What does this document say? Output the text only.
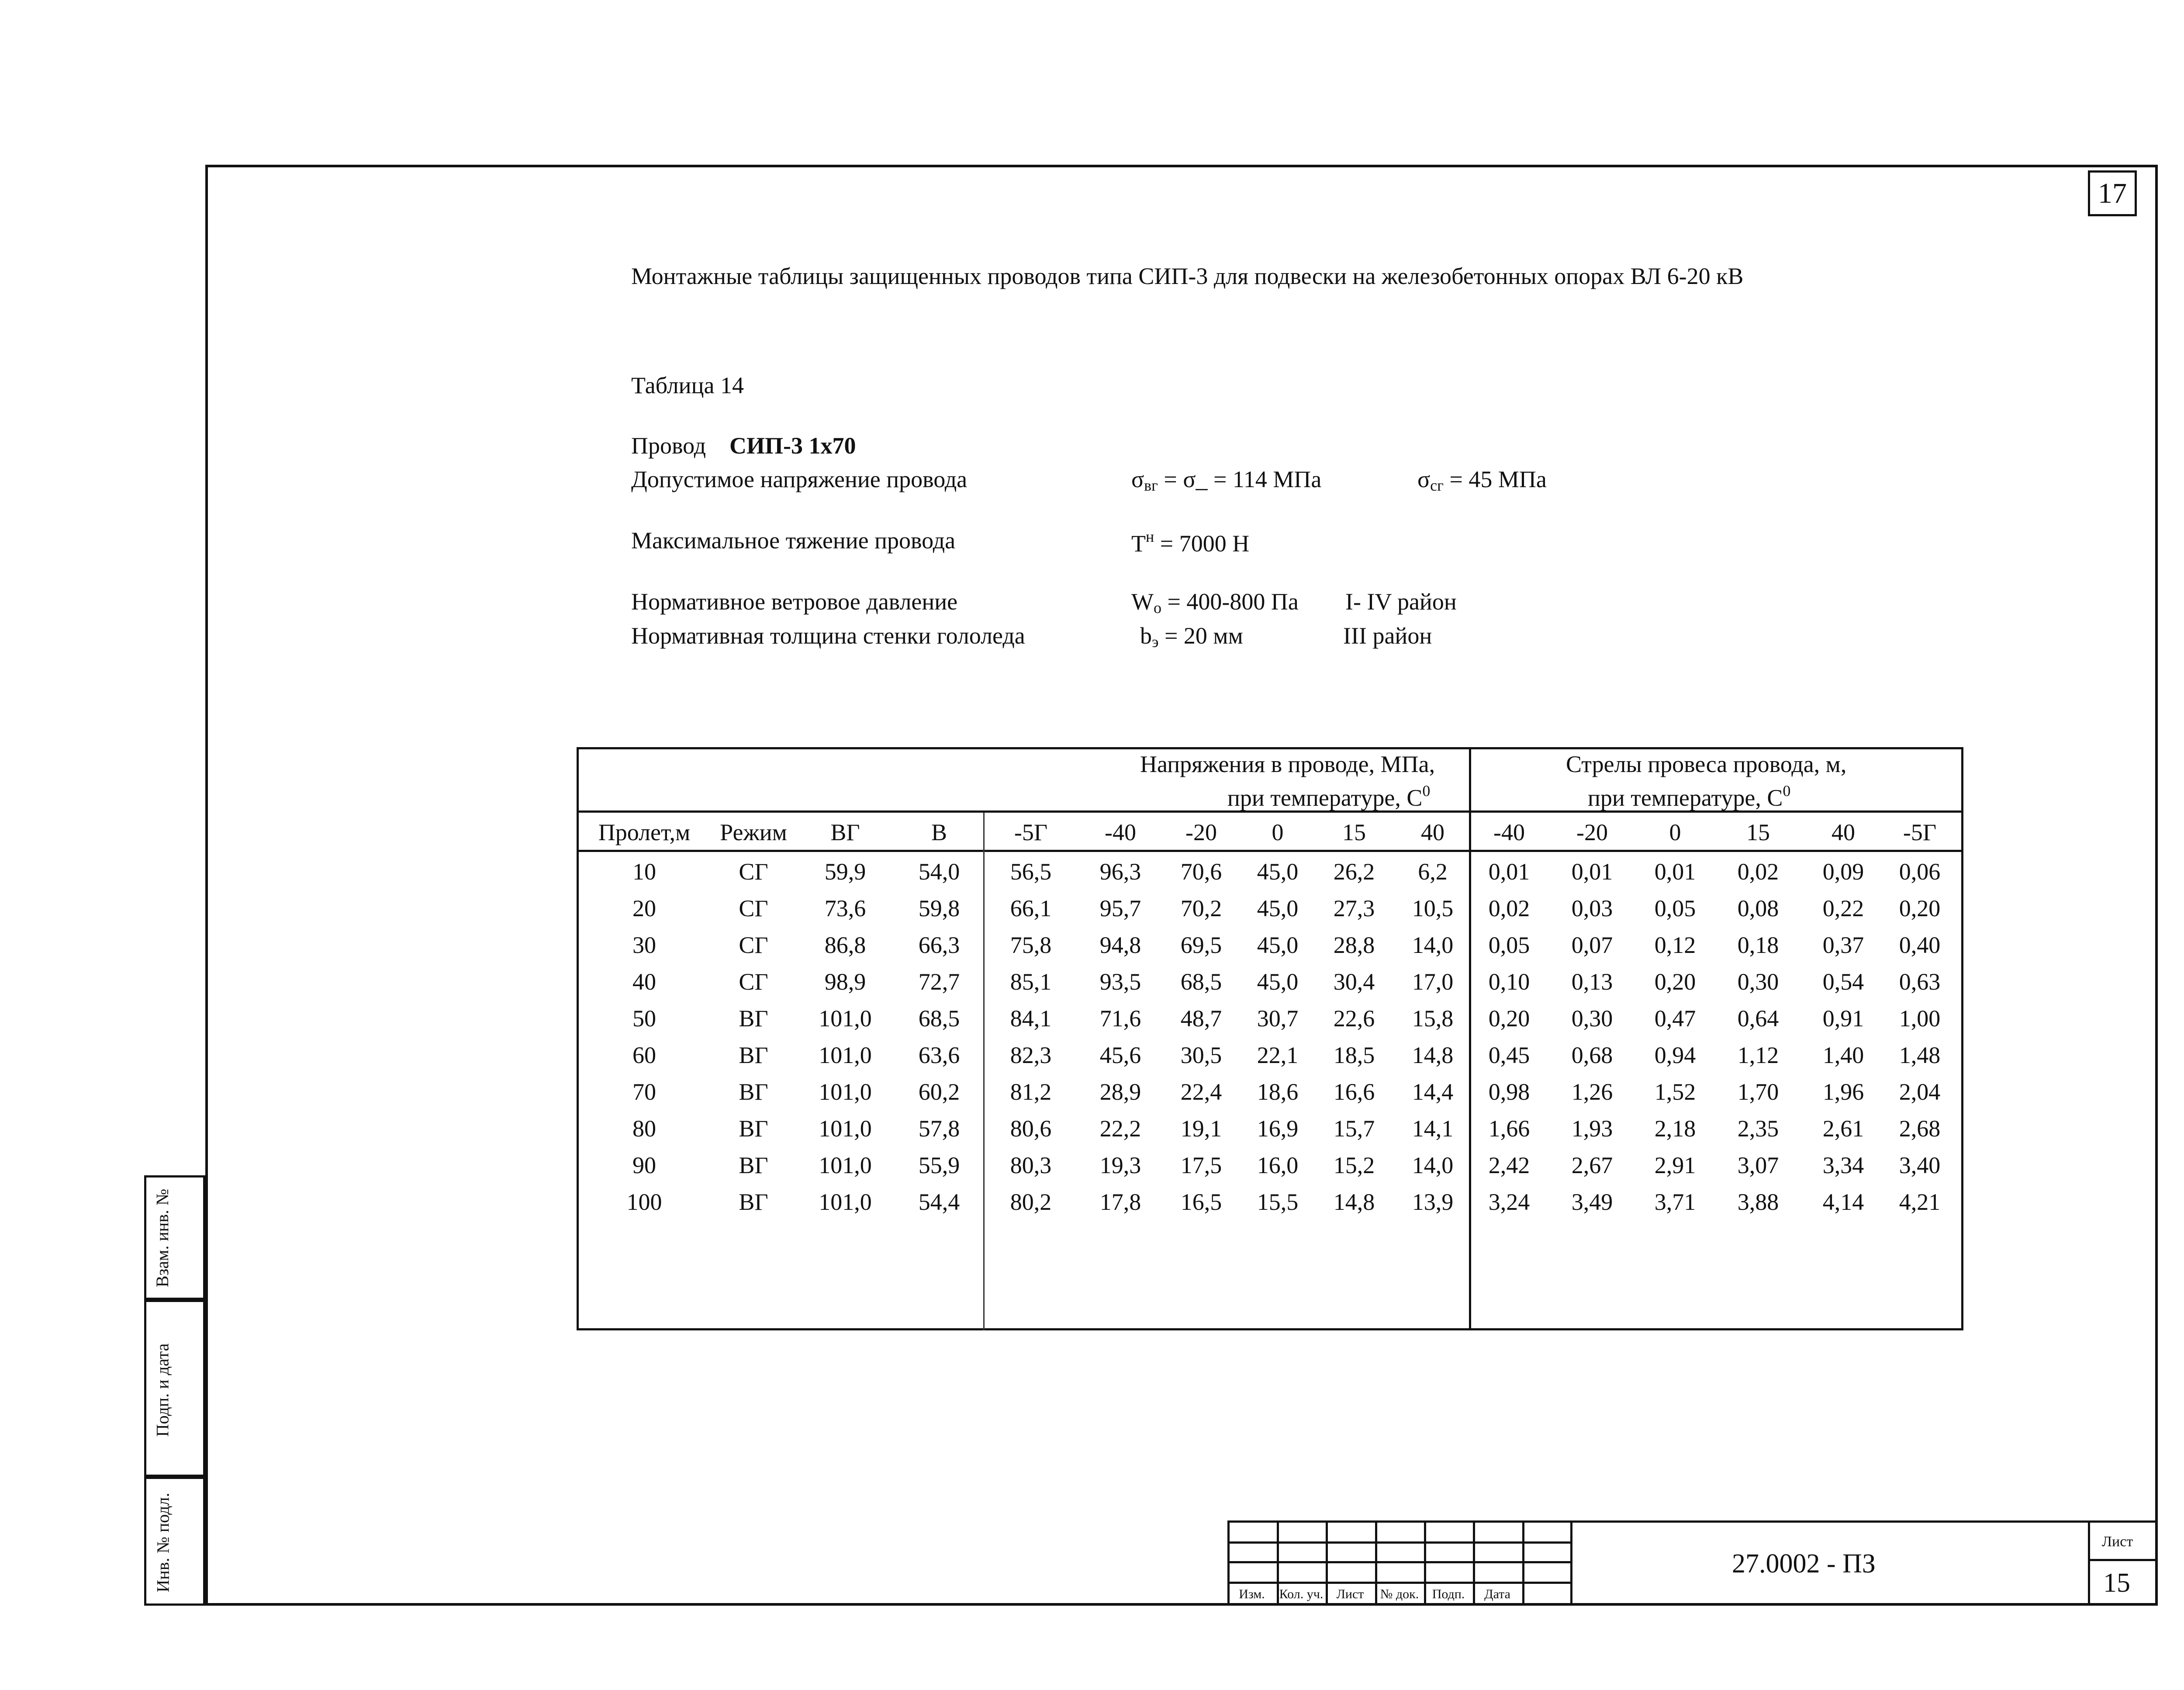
17
Монтажные таблицы защищенных проводов типа СИП-3 для подвески на железобетонных опорах ВЛ 6-20 кВ
Таблица 14
Провод СИП-3 1х70
Допустимое напряжение провода	$\sigma_{вг}$ = σ_ = 114 МПа	$\sigma_{сг} = 45$ МПа
Максимальное тяжение провода	$Т^н = 7000$ Н
Нормативное ветровое давление	$W_о = 400-800$ Па I- IV район
Нормативная толщина стенки гололеда	$b_э = 20$ мм	III район
Напряжения в проводе, МПа,
при температуре, $С^0$
Стрелы провеса провода, м,
при температуре, $С^0$
Пролет,м Режим ВГ	В	-5Г -40 -20 0 15 40 -40 -20	0	15	40 -5Г
10	СГ 59,9 54,0 56,5 96,3 70,6 45,0 26,2 6,2 0,01 0,01 0,01 0,02 0,09 0,06
20	СГ 73,6 59,8 66,1 95,7 70,2 45,0 27,3 10,5 0,02 0,03 0,05 0,08 0,22 0,20
30	СГ 86,8 66,3 75,8 94,8 69,5 45,0 28,8 14,0 0,05 0,07 0,12 0,18 0,37 0,40
40	СГ 98,9 72,7 85,1 93,5 68,5 45,0 30,4 17,0 0,10 0,13 0,20 0,30 0,54 0,63
50	ВГ 101,0 68,5 84,1 71,6 48,7 30,7 22,6 15,8 0,20 0,30 0,47 0,64 0,91 1,00
60	ВГ 101,0 63,6 82,3 45,6 30,5 22,1 18,5 14,8 0,45 0,68 0,94 1,12 1,40 1,48
70	ВГ 101,0 60,2 81,2 28,9 22,4 18,6 16,6 14,4 0,98 1,26 1,52 1,70 1,96 2,04
80	ВГ 101,0 57,8 80,6 22,2 19,1 16,9 15,7 14,1 1,66 1,93 2,18 2,35 2,61 2,68
90	ВГ 101,0 55,9 80,3 19,3 17,5 16,0 15,2 14,0 2,42 2,67 2,91 3,07 3,34 3,40
100	ВГ 101,0 54,4 80,2 17,8 16,5 15,5 14,8 13,9 3,24 3,49 3,71 3,88 4,14 4,21
Взам. инв. №
Подп. и дата
Инв. № подл.
Изм. Кол. уч. Лист № док. Подп. Дата
27.0002 - ПЗ
Лист
15
